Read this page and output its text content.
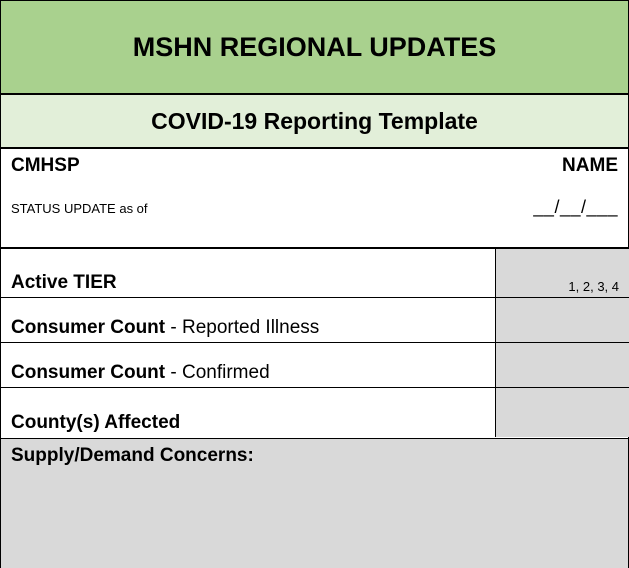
MSHN REGIONAL UPDATES
COVID-19 Reporting Template
CMHSP	NAME
STATUS UPDATE as of	__/__/___
Active TIER	1, 2, 3, 4
Consumer Count - Reported Illness
Consumer Count - Confirmed
County(s) Affected
Supply/Demand Concerns:
